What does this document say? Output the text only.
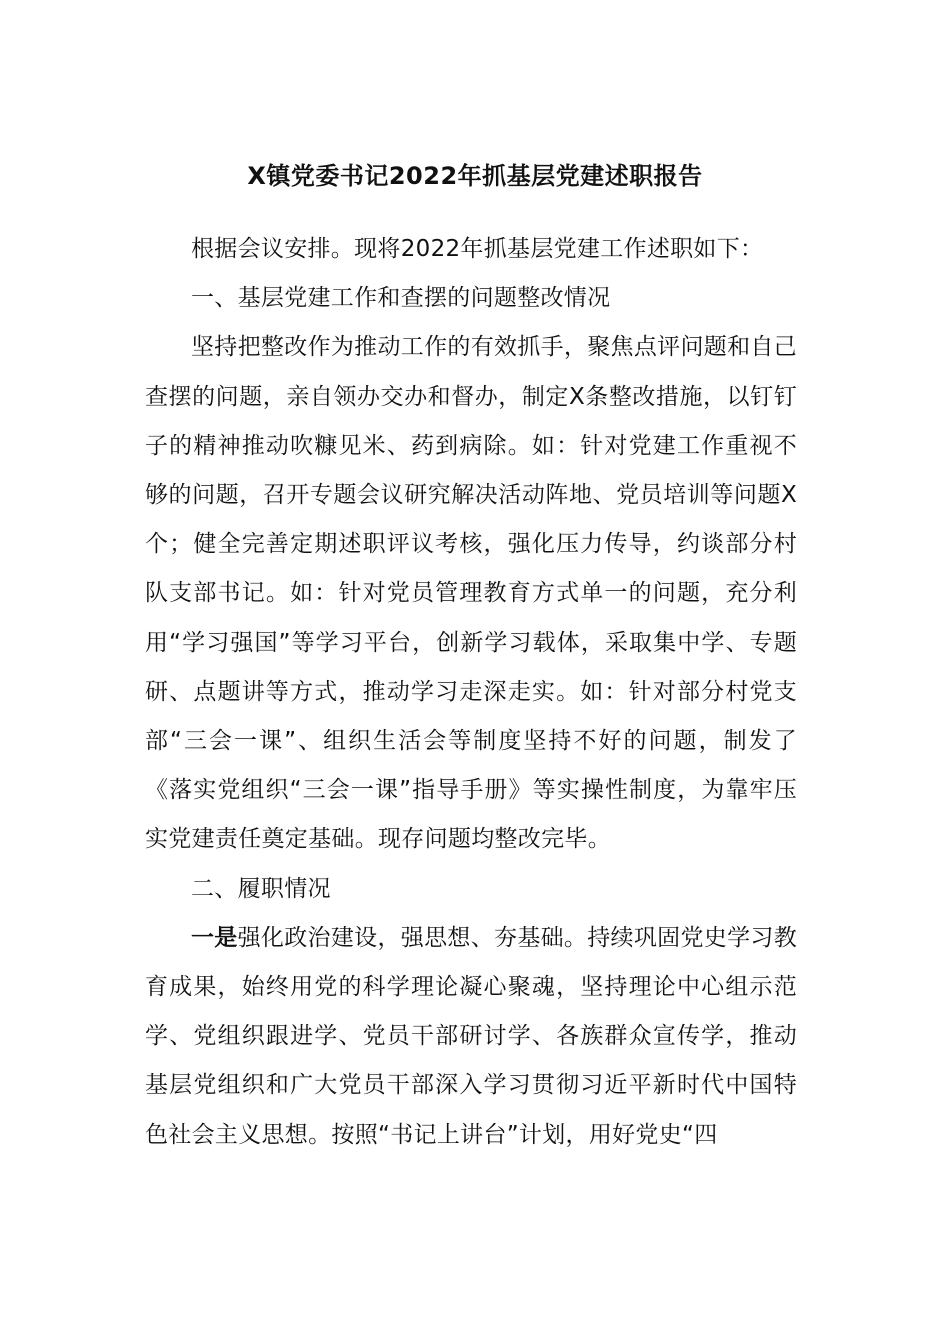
X镇党委书记2022年抓基层党建述职报告

根据会议安排。现将2022年抓基层党建工作述职如下：

一、基层党建工作和查摆的问题整改情况

坚持把整改作为推动工作的有效抓手，聚焦点评问题和自己查摆的问题，亲自领办交办和督办，制定X条整改措施，以钉钉子的精神推动吹糠见米、药到病除。如：针对党建工作重视不够的问题，召开专题会议研究解决活动阵地、党员培训等问题X个；健全完善定期述职评议考核，强化压力传导，约谈部分村队支部书记。如：针对党员管理教育方式单一的问题，充分利用“学习强国”等学习平台，创新学习载体，采取集中学、专题研、点题讲等方式，推动学习走深走实。如：针对部分村党支部“三会一课”、组织生活会等制度坚持不好的问题，制发了《落实党组织“三会一课”指导手册》等实操性制度，为靠牢压实党建责任奠定基础。现存问题均整改完毕。

二、履职情况

一是强化政治建设，强思想、夯基础。持续巩固党史学习教育成果，始终用党的科学理论凝心聚魂，坚持理论中心组示范学、党组织跟进学、党员干部研讨学、各族群众宣传学，推动基层党组织和广大党员干部深入学习贯彻习近平新时代中国特色社会主义思想。按照“书记上讲台”计划，用好党史“四
